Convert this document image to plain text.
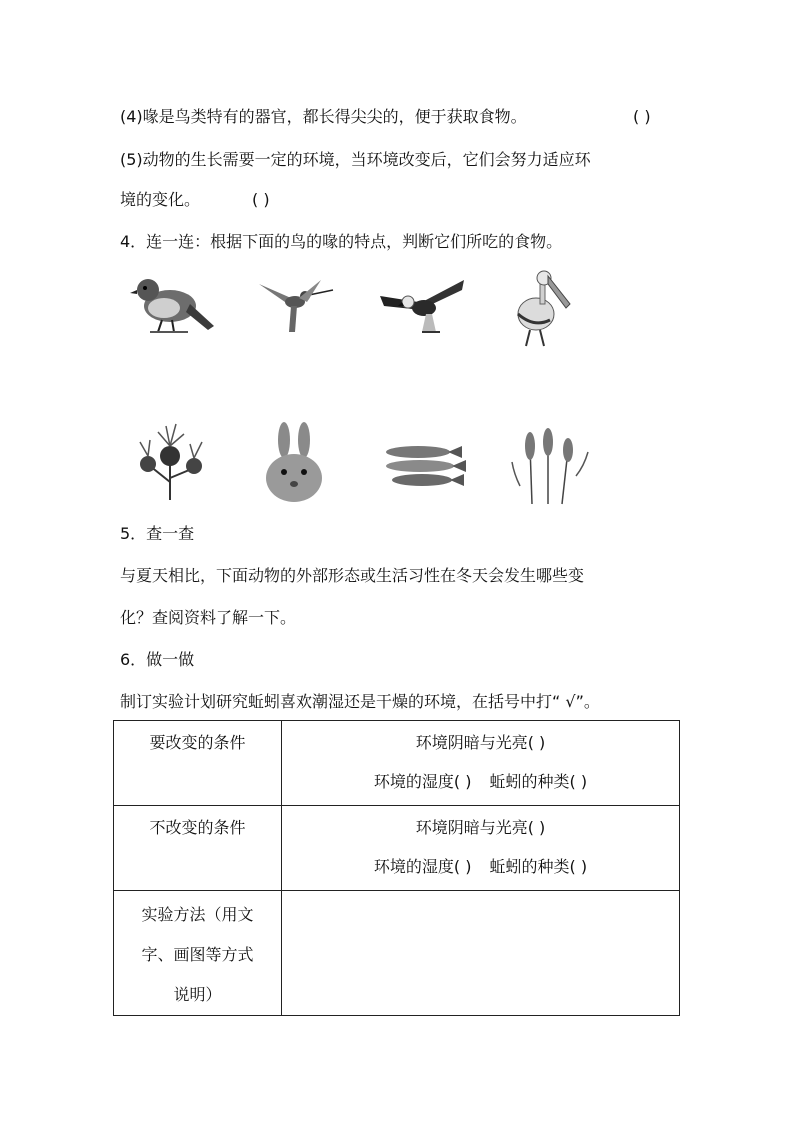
(4)喙是鸟类特有的器官，都长得尖尖的，便于获取食物。	( )
(5)动物的生长需要一定的环境，当环境改变后，它们会努力适应环
境的变化。	( )
4．连一连：根据下面的鸟的喙的特点，判断它们所吃的食物。
5．查一查
与夏天相比，下面动物的外部形态或生活习性在冬天会发生哪些变
化？查阅资料了解一下。
6．做一做
制订实验计划研究蚯蚓喜欢潮湿还是干燥的环境，在括号中打“ √”。
要改变的条件	环境阴暗与光亮( )
环境的湿度( ) 蚯蚓的种类( )

不改变的条件	环境阴暗与光亮( )
环境的湿度( ) 蚯蚓的种类( )

实验方法（用文
字、画图等方式
说明）	
